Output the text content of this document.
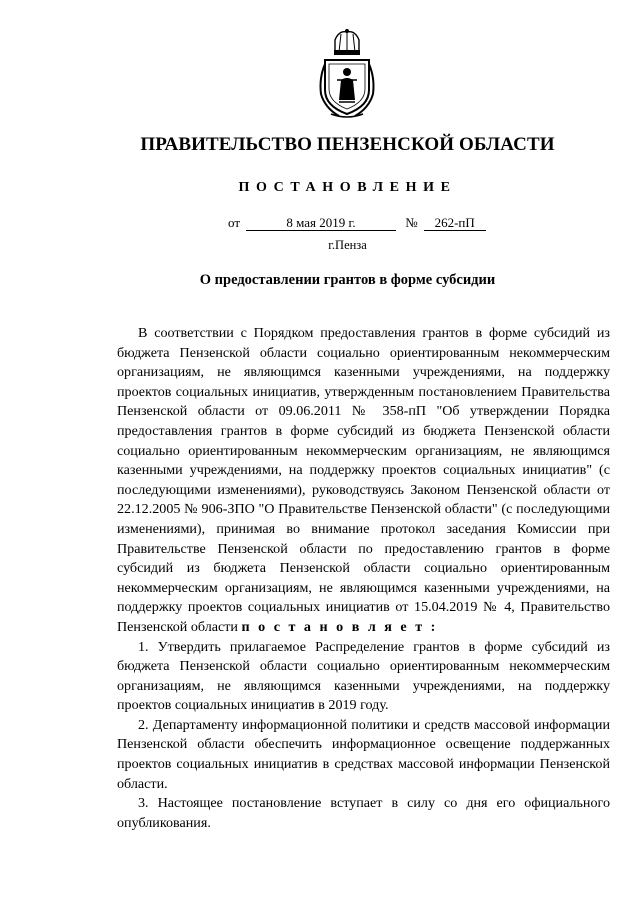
ПРАВИТЕЛЬСТВО ПЕНЗЕНСКОЙ ОБЛАСТИ
ПОСТАНОВЛЕНИЕ
от	8 мая 2019 г.	№ 262-пП
г.Пенза
О предоставлении грантов в форме субсидии

В соответствии с Порядком предоставления грантов в форме субсидий из бюджета Пензенской области социально ориентированным некоммерческим организациям, не являющимся казенными учреждениями, на поддержку проектов социальных инициатив, утвержденным постановлением Правительства Пензенской области от 09.06.2011 № 358-пП "Об утверждении Порядка предоставления грантов в форме субсидий из бюджета Пензенской области социально ориентированным некоммерческим организациям, не являющимся казенными учреждениями, на поддержку проектов социальных инициатив" (с последующими изменениями), руководствуясь Законом Пензенской области от 22.12.2005 № 906-ЗПО "О Правительстве Пензенской области" (с последующими изменениями), принимая во внимание протокол заседания Комиссии при Правительстве Пензенской области по предоставлению грантов в форме субсидий из бюджета Пензенской области социально ориентированным некоммерческим организациям, не являющимся казенными учреждениями, на поддержку проектов социальных инициатив от 15.04.2019 № 4, Правительство Пензенской области п о с т а н о в л я е т :

1. Утвердить прилагаемое Распределение грантов в форме субсидий из бюджета Пензенской области социально ориентированным некоммерческим организациям, не являющимся казенными учреждениями, на поддержку проектов социальных инициатив в 2019 году.

2. Департаменту информационной политики и средств массовой информации Пензенской области обеспечить информационное освещение поддержанных проектов социальных инициатив в средствах массовой информации Пензенской области.

3. Настоящее постановление вступает в силу со дня его официального опубликования.
